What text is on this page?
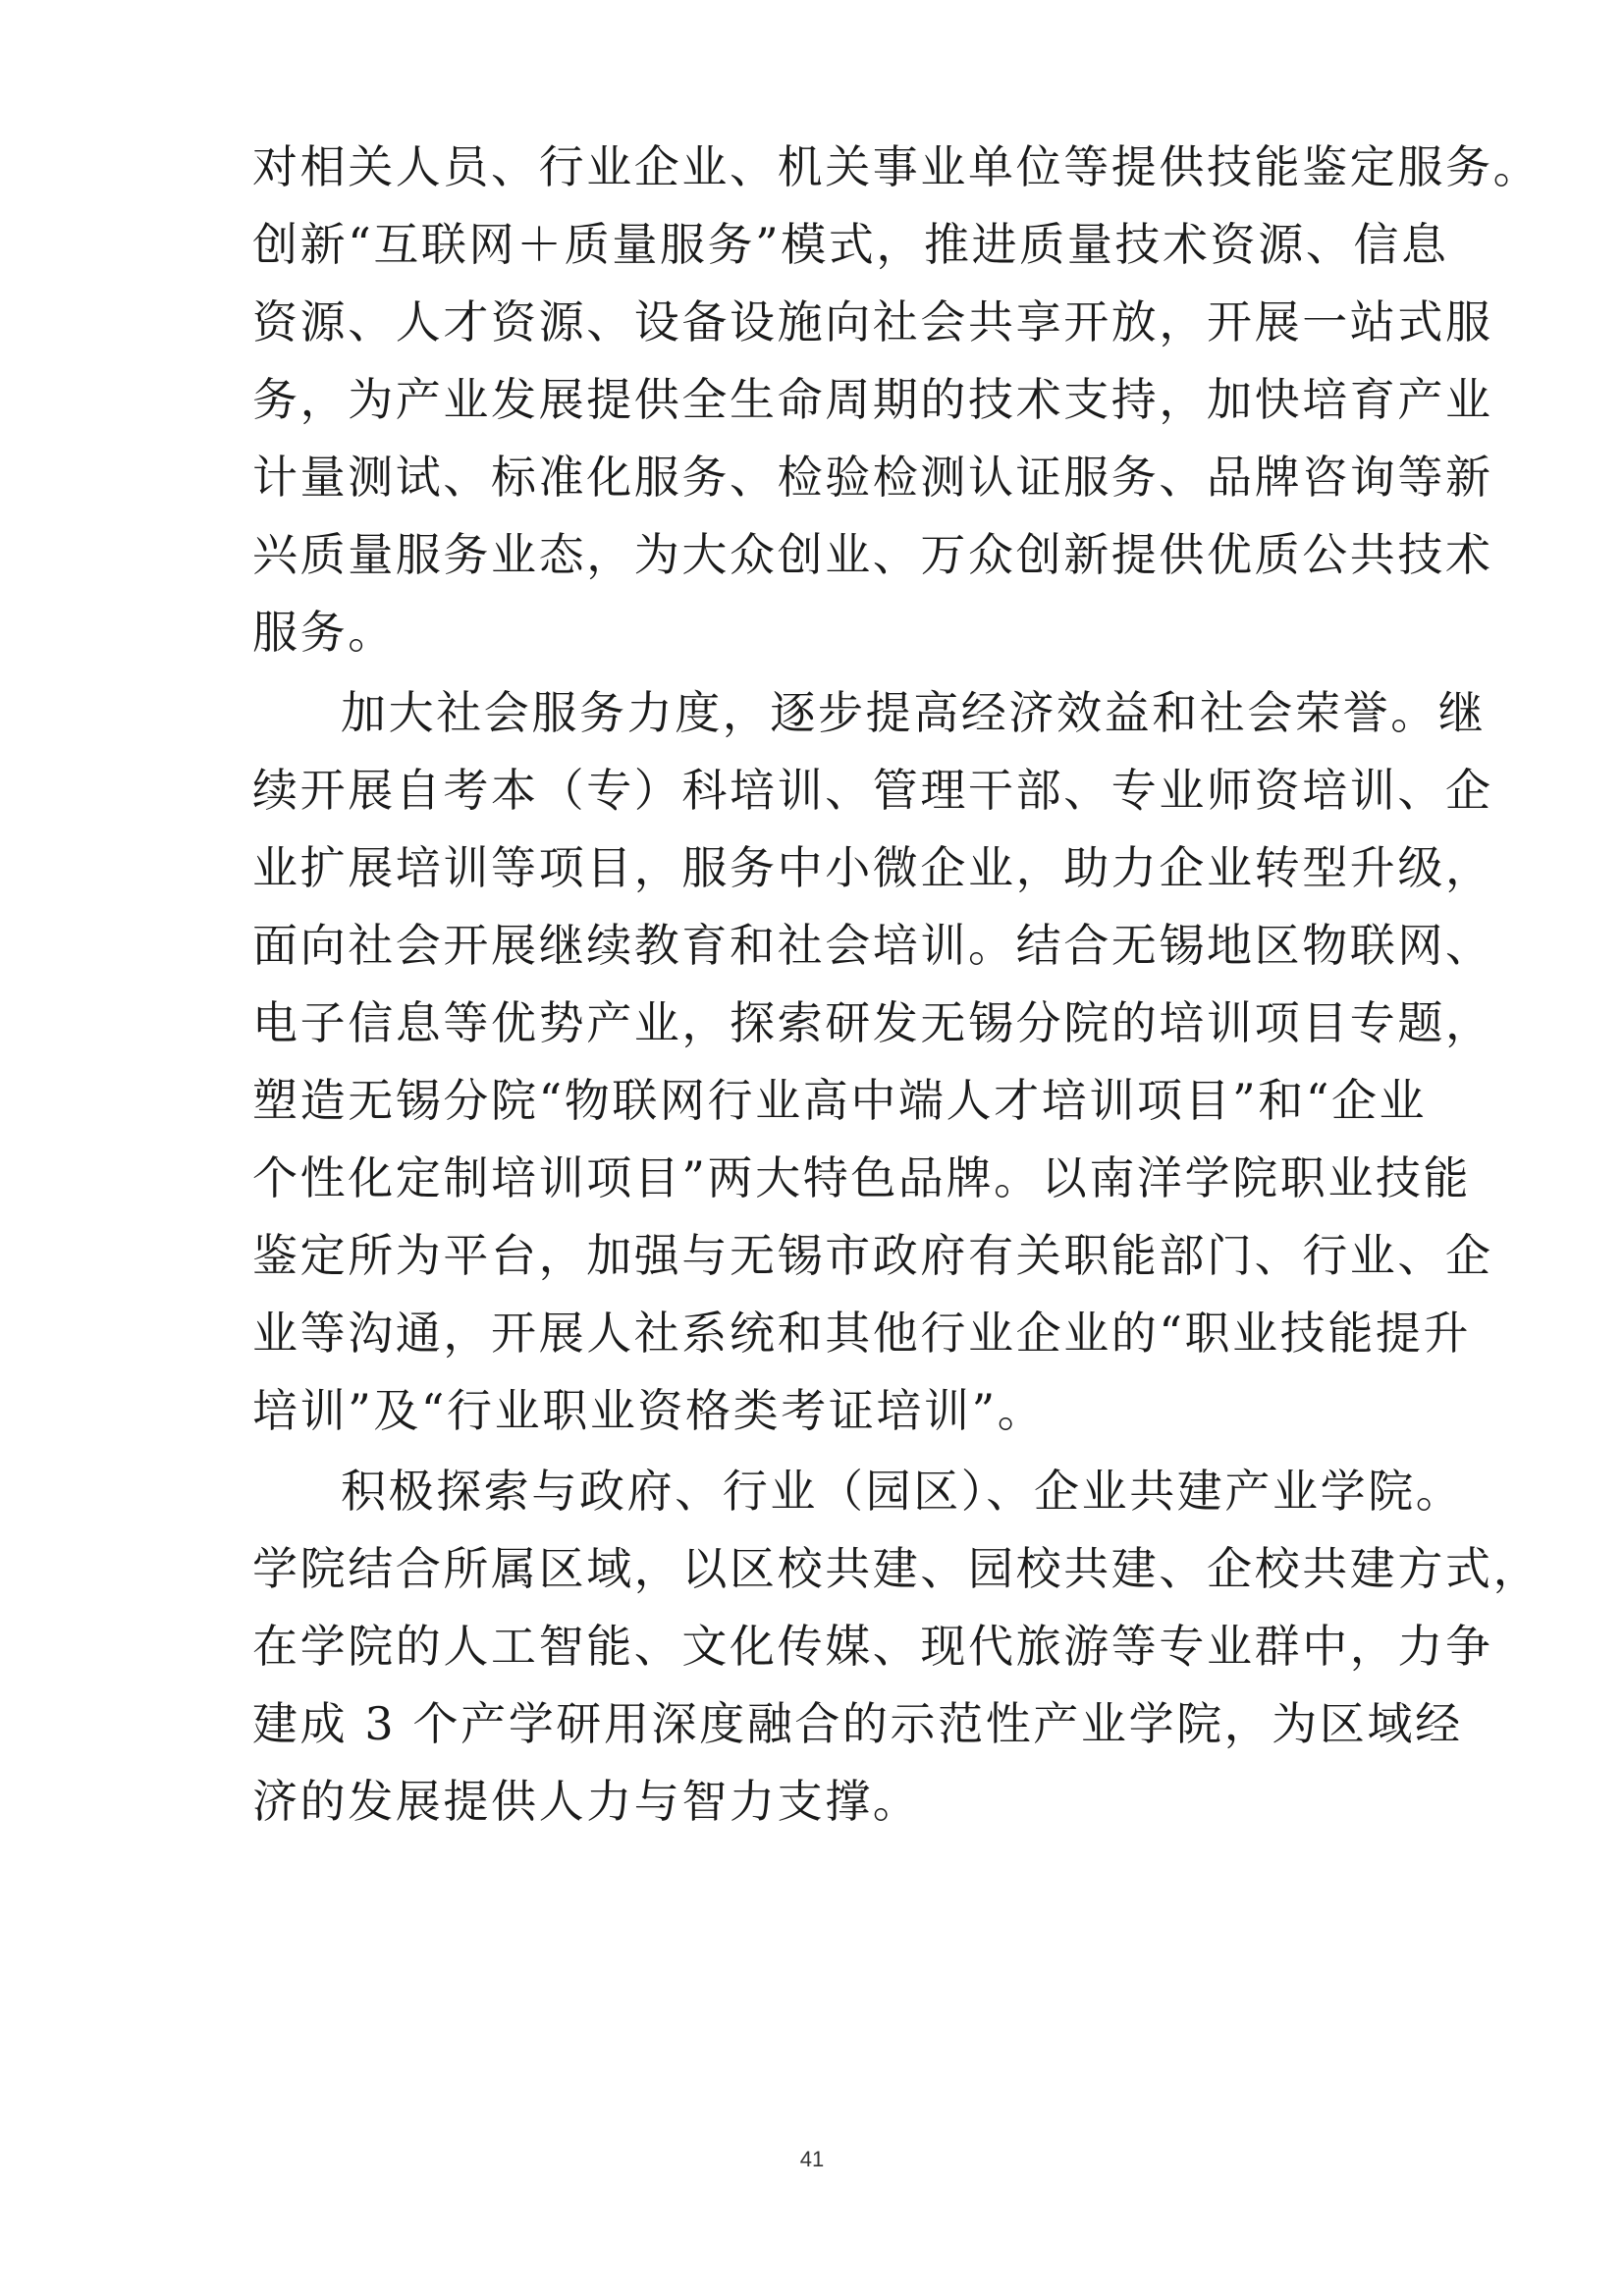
对相关人员、行业企业、机关事业单位等提供技能鉴定服务。
创新“互联网＋质量服务”模式，推进质量技术资源、信息
资源、人才资源、设备设施向社会共享开放，开展一站式服
务，为产业发展提供全生命周期的技术支持，加快培育产业
计量测试、标准化服务、检验检测认证服务、品牌咨询等新
兴质量服务业态，为大众创业、万众创新提供优质公共技术
服务。
加大社会服务力度，逐步提高经济效益和社会荣誉。继
续开展自考本（专）科培训、管理干部、专业师资培训、企
业扩展培训等项目，服务中小微企业，助力企业转型升级，
面向社会开展继续教育和社会培训。结合无锡地区物联网、
电子信息等优势产业，探索研发无锡分院的培训项目专题，
塑造无锡分院“物联网行业高中端人才培训项目”和“企业
个性化定制培训项目”两大特色品牌。以南洋学院职业技能
鉴定所为平台，加强与无锡市政府有关职能部门、行业、企
业等沟通，开展人社系统和其他行业企业的“职业技能提升
培训”及“行业职业资格类考证培训”。
积极探索与政府、行业（园区）、企业共建产业学院。
学院结合所属区域，以区校共建、园校共建、企校共建方式，
在学院的人工智能、文化传媒、现代旅游等专业群中，力争
建成 3 个产学研用深度融合的示范性产业学院，为区域经
济的发展提供人力与智力支撑。
41
